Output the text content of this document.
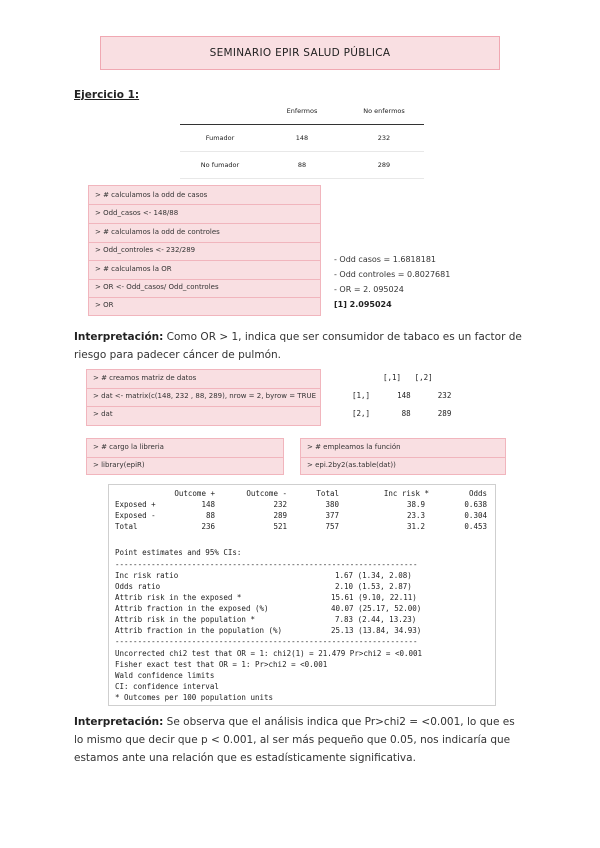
SEMINARIO EPIR SALUD PÚBLICA
Ejercicio 1:
	Enfermos	No enfermos
Fumador	148	232
No fumador	88	289
> # calculamos la odd de casos
> Odd_casos <- 148/88
> # calculamos la odd de controles
> Odd_controles <- 232/289
> # calculamos la OR
> OR <- Odd_casos/ Odd_controles
> OR
- Odd casos = 1.6818181
- Odd controles = 0.8027681
- OR = 2. 095024
[1] 2.095024
Interpretación: Como OR > 1, indica que ser consumidor de tabaco es un factor de riesgo para padecer cáncer de pulmón.
> # creamos matriz de datos
> dat <- matrix(c(148, 232 , 88, 289), nrow = 2, byrow = TRUE
> dat
[,1]   [,2]
[1,]      148      232
[2,]       88      289
> # cargo la libreria
> library(epiR)
> # empleamos la función
> epi.2by2(as.table(dat))
Outcome +	Outcome -	Total	Inc risk *	Odds
Exposed +	148	232	380	38.9	0.638
Exposed -	88	289	377	23.3	0.304
Total	236	521	757	31.2	0.453
Point estimates and 95% CIs:
-------------------------------------------------------------------
Inc risk ratio	1.67 (1.34, 2.08)
Odds ratio	2.10 (1.53, 2.87)
Attrib risk in the exposed *	15.61 (9.10, 22.11)
Attrib fraction in the exposed (%)	40.07 (25.17, 52.00)
Attrib risk in the population *	7.83 (2.44, 13.23)
Attrib fraction in the population (%)	25.13 (13.84, 34.93)
-------------------------------------------------------------------
Uncorrected chi2 test that OR = 1: chi2(1) = 21.479 Pr>chi2 = <0.001
Fisher exact test that OR = 1: Pr>chi2 = <0.001
Wald confidence limits
CI: confidence interval
* Outcomes per 100 population units
Interpretación: Se observa que el análisis indica que Pr>chi2 = <0.001, lo que es lo mismo que decir que p < 0.001, al ser más pequeño que 0.05, nos indicaría que estamos ante una relación que es estadísticamente significativa.
